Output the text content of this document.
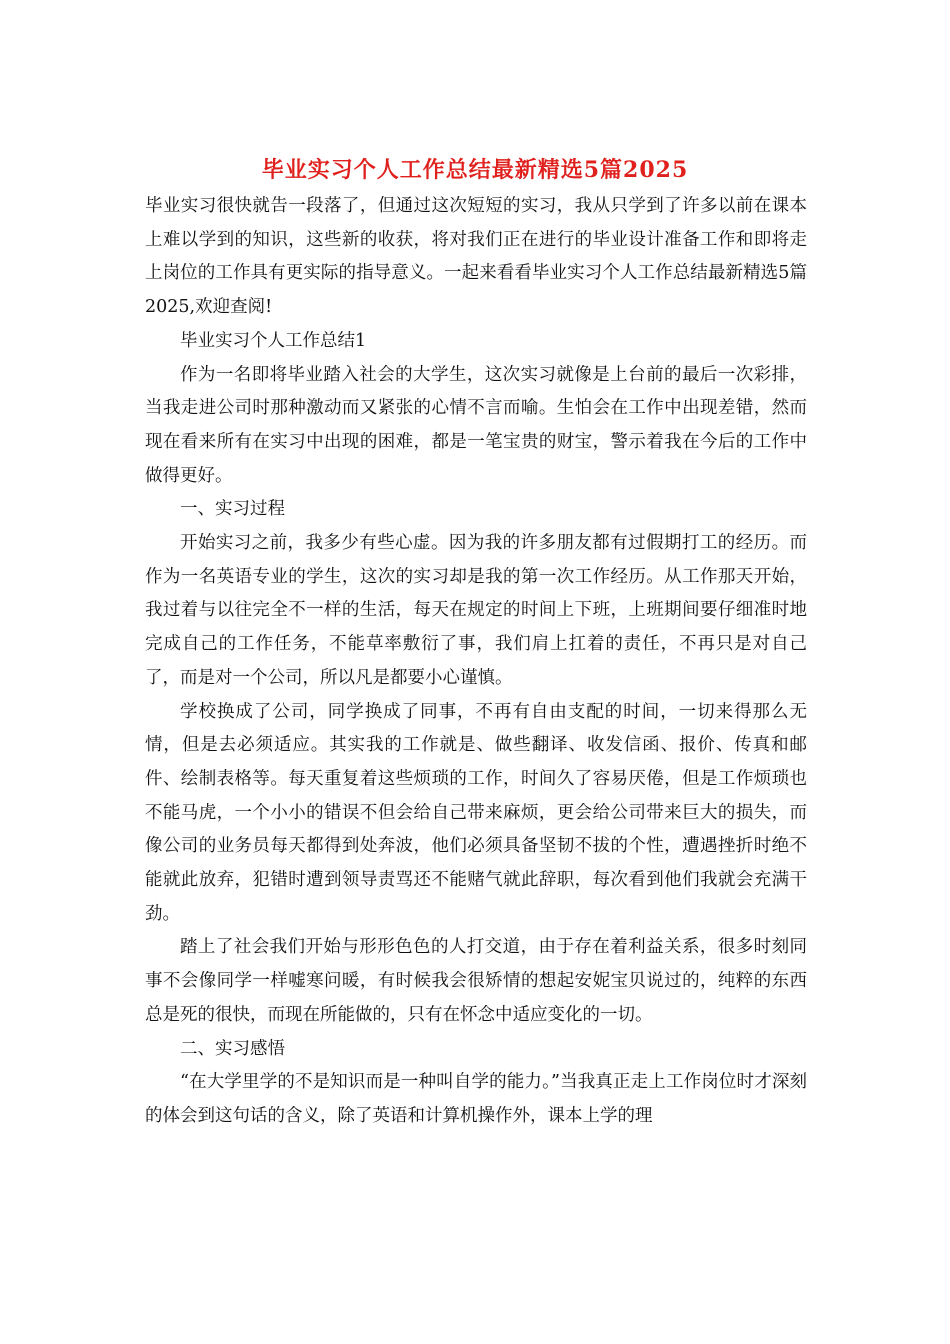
毕业实习个人工作总结最新精选5篇2025

毕业实习很快就告一段落了，但通过这次短短的实习，我从只学到了许多以前在课本上难以学到的知识，这些新的收获，将对我们正在进行的毕业设计准备工作和即将走上岗位的工作具有更实际的指导意义。一起来看看毕业实习个人工作总结最新精选5篇2025,欢迎查阅!

毕业实习个人工作总结1

作为一名即将毕业踏入社会的大学生，这次实习就像是上台前的最后一次彩排，当我走进公司时那种激动而又紧张的心情不言而喻。生怕会在工作中出现差错，然而现在看来所有在实习中出现的困难，都是一笔宝贵的财宝，警示着我在今后的工作中做得更好。

一、实习过程

开始实习之前，我多少有些心虚。因为我的许多朋友都有过假期打工的经历。而作为一名英语专业的学生，这次的实习却是我的第一次工作经历。从工作那天开始，我过着与以往完全不一样的生活，每天在规定的时间上下班，上班期间要仔细准时地完成自己的工作任务，不能草率敷衍了事，我们肩上扛着的责任，不再只是对自己了，而是对一个公司，所以凡是都要小心谨慎。

学校换成了公司，同学换成了同事，不再有自由支配的时间，一切来得那么无情，但是去必须适应。其实我的工作就是、做些翻译、收发信函、报价、传真和邮件、绘制表格等。每天重复着这些烦琐的工作，时间久了容易厌倦，但是工作烦琐也不能马虎，一个小小的错误不但会给自己带来麻烦，更会给公司带来巨大的损失，而像公司的业务员每天都得到处奔波，他们必须具备坚韧不拔的个性，遭遇挫折时绝不能就此放弃，犯错时遭到领导责骂还不能赌气就此辞职，每次看到他们我就会充满干劲。

踏上了社会我们开始与形形色色的人打交道，由于存在着利益关系，很多时刻同事不会像同学一样嘘寒问暖，有时候我会很矫情的想起安妮宝贝说过的，纯粹的东西总是死的很快，而现在所能做的，只有在怀念中适应变化的一切。

二、实习感悟

“在大学里学的不是知识而是一种叫自学的能力。”当我真正走上工作岗位时才深刻的体会到这句话的含义，除了英语和计算机操作外，课本上学的理
